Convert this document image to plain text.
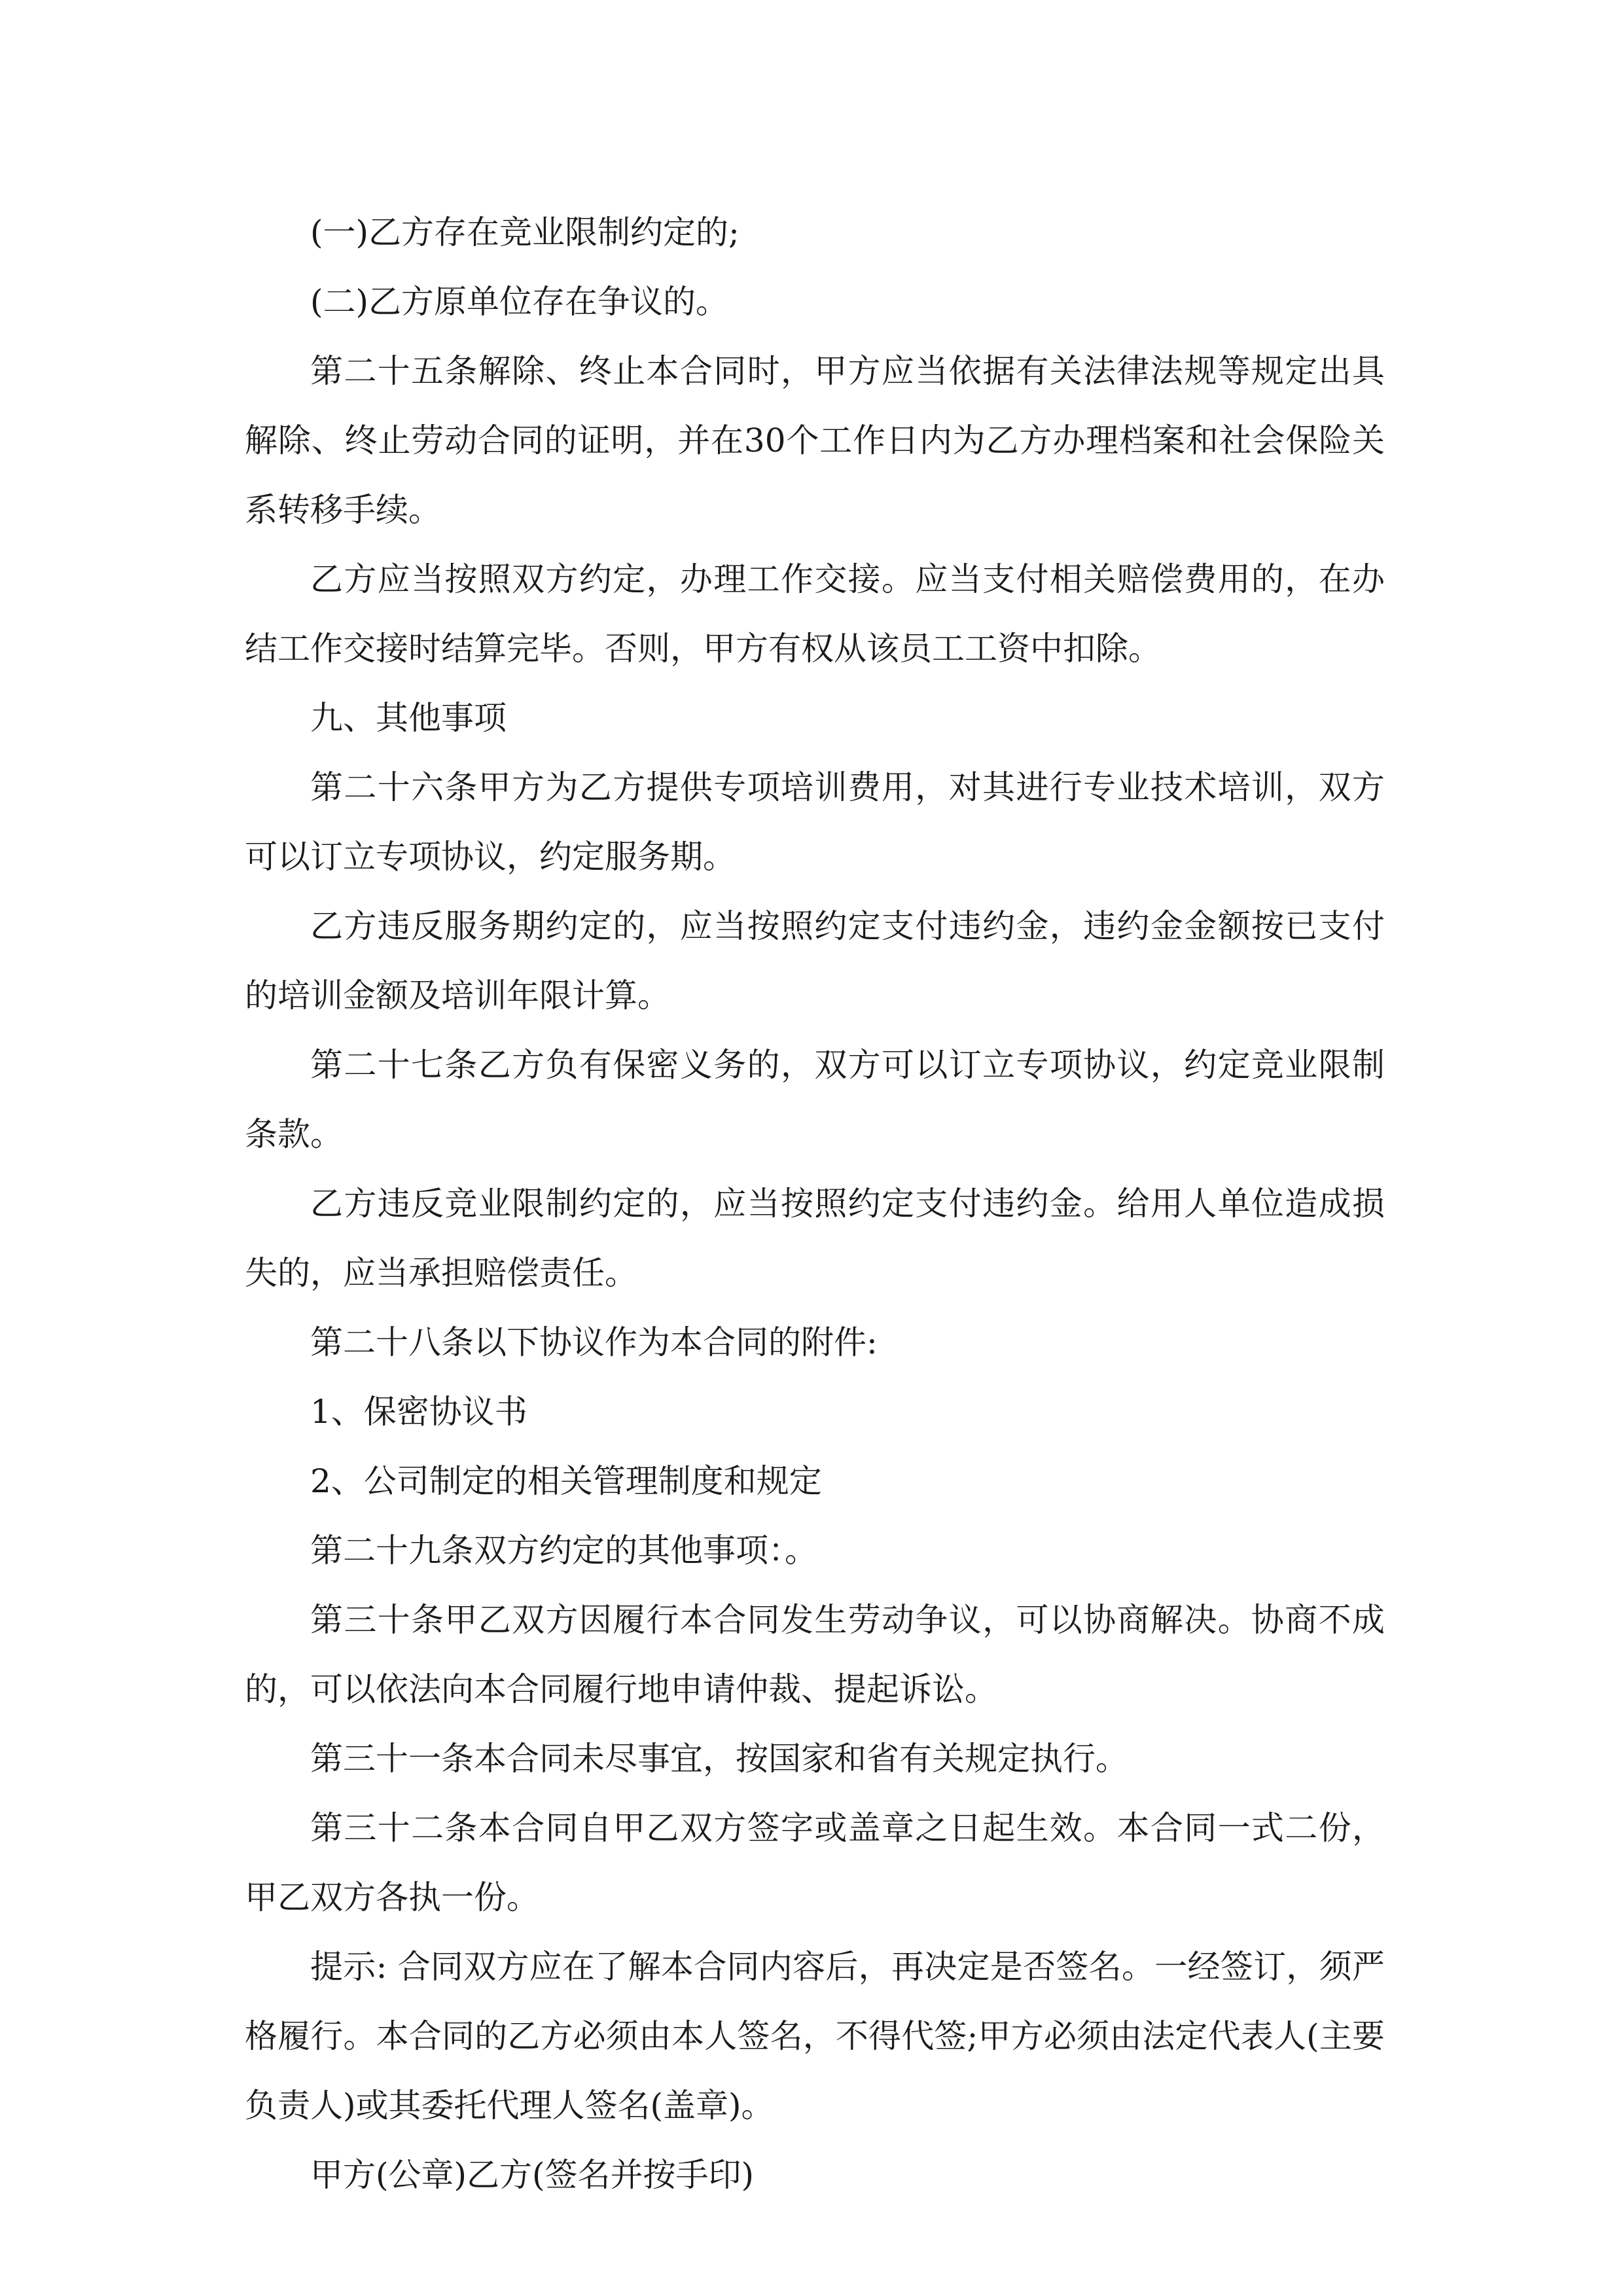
(一)乙方存在竞业限制约定的;

(二)乙方原单位存在争议的。

第二十五条解除、终止本合同时，甲方应当依据有关法律法规等规定出具解除、终止劳动合同的证明，并在30个工作日内为乙方办理档案和社会保险关系转移手续。

乙方应当按照双方约定，办理工作交接。应当支付相关赔偿费用的，在办结工作交接时结算完毕。否则，甲方有权从该员工工资中扣除。

九、其他事项

第二十六条甲方为乙方提供专项培训费用，对其进行专业技术培训，双方可以订立专项协议，约定服务期。

乙方违反服务期约定的，应当按照约定支付违约金，违约金金额按已支付的培训金额及培训年限计算。

第二十七条乙方负有保密义务的，双方可以订立专项协议，约定竞业限制条款。

乙方违反竞业限制约定的，应当按照约定支付违约金。给用人单位造成损失的，应当承担赔偿责任。

第二十八条以下协议作为本合同的附件:

1、保密协议书

2、公司制定的相关管理制度和规定

第二十九条双方约定的其他事项：。

第三十条甲乙双方因履行本合同发生劳动争议，可以协商解决。协商不成的，可以依法向本合同履行地申请仲裁、提起诉讼。

第三十一条本合同未尽事宜，按国家和省有关规定执行。

第三十二条本合同自甲乙双方签字或盖章之日起生效。本合同一式二份，甲乙双方各执一份。

提示: 合同双方应在了解本合同内容后，再决定是否签名。一经签订，须严格履行。本合同的乙方必须由本人签名，不得代签;甲方必须由法定代表人(主要负责人)或其委托代理人签名(盖章)。

甲方(公章)乙方(签名并按手印)
